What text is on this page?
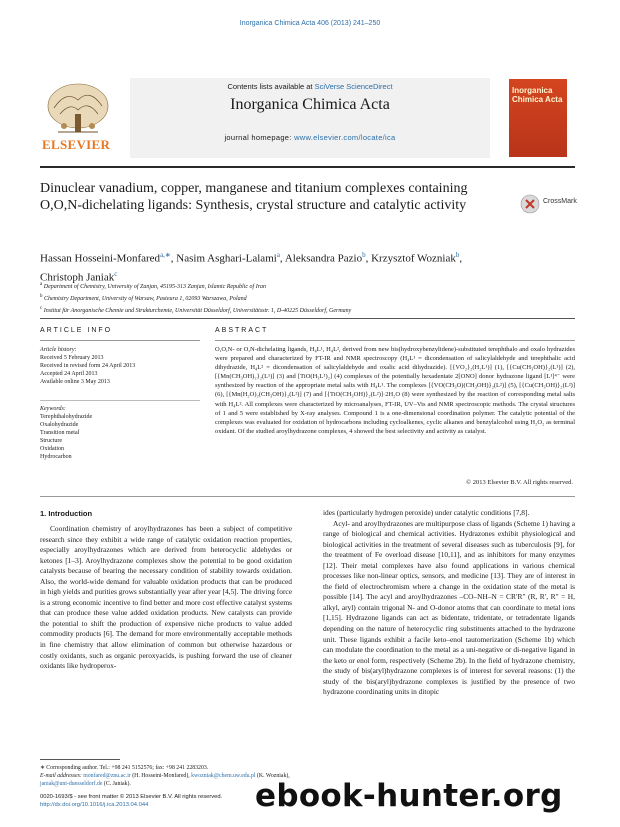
Inorganica Chimica Acta 406 (2013) 241–250
ELSEVIER
Contents lists available at SciVerse ScienceDirect
Inorganica Chimica Acta
journal homepage: www.elsevier.com/locate/ica
Inorganica Chimica Acta
Dinuclear vanadium, copper, manganese and titanium complexes containing O,O,N-dichelating ligands: Synthesis, crystal structure and catalytic activity	CrossMark
Hassan Hosseini-Monfared$^{a,∗}$, Nasim Asghari-Lalami$^a$, Aleksandra Pazio$^b$, Krzysztof Wozniak$^b$,
Christoph Janiak$^c$
$^a$ Department of Chemistry, University of Zanjan, 45195-313 Zanjan, Islamic Republic of Iran
$^b$ Chemistry Department, University of Warsaw, Pasteura 1, 02093 Warszawa, Poland
$^c$ Institut für Anorganische Chemie und Strukturchemie, Universität Düsseldorf, Universitätsstr. 1, D-40225 Düsseldorf, Germany
ARTICLE INFO	ABSTRACT
Article history:
Received 5 February 2013
Received in revised form 24 April 2013
Accepted 24 April 2013
Available online 3 May 2013
Keywords:
Terephthalohydrazide
Oxalohydrazide
Transition metal
Structure
Oxidation
Hydrocarbon
O,O,N- or O,N-dichelating ligands, H₄L¹, H₄L², derived from new bis(hydroxybenzylidene)-substituted terephthalo and oxalo hydrazides were prepared and characterized by FT-IR and NMR spectroscopy (H₄L¹ = dicondensation of salicylaldehyde and terephthalic acid dihydrazide, H₄L² = dicondensation of salicylaldehyde and oxalic acid dihydrazide). [{VO₂}₂(H₂L¹)] (1), [{Cu(CH₃OH)}₂(L¹)] (2), [{Mn(CH₃OH)₂}₂(L¹)] (3) and [TiO(H₃L¹)₂] (4) complexes of the potentially hexadentate 2[ONO] donor hydrazone ligand [L¹]⁴⁻ were synthesized by reaction of the appropriate metal salts with H₄L¹. The complexes [{VO(CH₃O)(CH₃OH)}₂(L²)] (5), [{Cu(CH₃OH)}₂(L²)] (6), [{Mn(H₂O)₂(CH₃OH)}₂(L²)] (7) and [{TiO(CH₃OH)}₂(L²)]·2H₂O (8) were synthesized by the reaction of corresponding metal salts with H₄L². All complexes were characterized by microanalyses, FT-IR, UV–Vis and NMR spectroscopic methods. The crystal structures of 1 and 5 were established by X-ray analyses. Compound 1 is a one-dimensional coordination polymer. The catalytic potential of the complexes was evaluated for oxidation of hydrocarbons including cycloalkenes, cyclic alkanes and benzylalcohol using H₂O₂ as terminal oxidant. Of the studied aroylhydrazone complexes, 4 showed the best selectivity and activity as catalyst.
© 2013 Elsevier B.V. All rights reserved.
1. Introduction

Coordination chemistry of aroylhydrazones has been a subject of competitive research since they exhibit a wide range of catalytic oxidation reaction properties, especially aroylhydrazones which are derived from heterocyclic aldehydes or ketones [1–3]. Aroylhydrazone complexes show the potential to be good oxidation catalysts because of bearing the necessary condition of stability towards oxidation. Also, the world-wide demand for valuable oxidation products that can be produced in high yields and purities grows substantially year after year [4,5]. The driving force is a strong economic incentive to find better and more cost effective catalyst systems that can produce these value added oxidation products. New catalysts can provide the potential to shift the production of expensive niche products to value added commodity products [6]. The demand for more environmentally acceptable methods in fine chemistry that allow elimination of common but otherwise hazardous or costly oxidants, such as organic peroxyacids, is pushing forward the use of cleaner oxidants like hydroperox-

ides (particularly hydrogen peroxide) under catalytic conditions [7,8].

Acyl- and aroylhydrazones are multipurpose class of ligands (Scheme 1) having a range of biological and chemical activities. Hydrazones exhibit physiological and biological activities in the treatment of several diseases such as tuberculosis [9], for the treatment of Fe overload disease [10,11], and as inhibitors for many enzymes [12]. Their metal complexes have also found applications in various chemical processes like non-linear optics, sensors, and medicine [13]. They are of interest in the field of electrochromism where a change in the oxidation state of the metal is possible [14]. The acyl and aroylhydrazones –CO–NH–N = CR′R″ (R, R′, R″ = H, alkyl, aryl) contain trigonal N- and O-donor atoms that can coordinate to metal ions [1,15]. Hydrazone ligands can act as bidentate, tridentate, or tetradentate ligands depending on the nature of heterocyclic ring substituents attached to the hydrazone unit. These ligands exhibit a facile keto–enol tautomerization (Scheme 1b) which can modulate the coordination to the metal as a uni-negative or di-negative ligand in the keto or enol form, respectively (Scheme 2b). In the field of hydrazone chemistry, the study of bis(aryl)hydrazone complexes is of interest for several reasons: (1) the study of the bis(aryl)hydrazone complexes is justified by the presence of two hydrazone coordinating units in ditopic

∗ Corresponding author. Tel.: +98 241 5152576; fax: +98 241 2283203.
E-mail addresses: monfared@znu.ac.ir (H. Hosseini-Monfared), kwozniak@chem.uw.edu.pl (K. Wozniak), janiak@uni-duesseldorf.de (C. Janiak).
0020-1693/$ - see front matter © 2013 Elsevier B.V. All rights reserved.
http://dx.doi.org/10.1016/j.ica.2013.04.044	ebook-hunter.org
